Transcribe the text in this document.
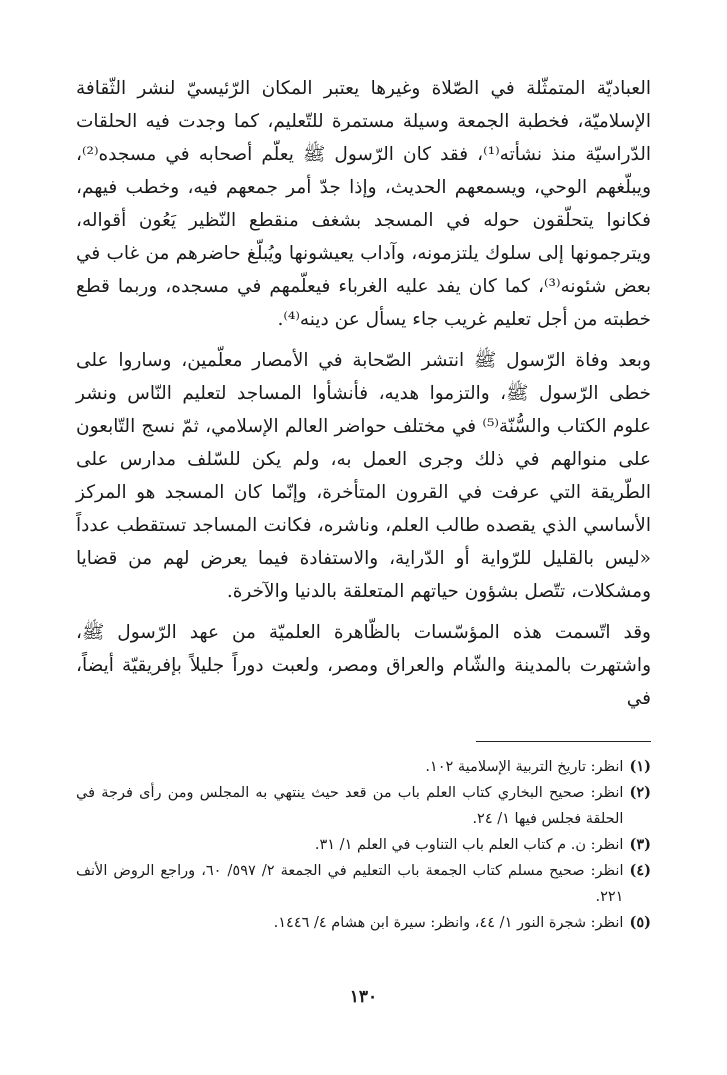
العباديّة المتمثّلة في الصّلاة وغيرها يعتبر المكان الرّئيسيّ لنشر الثّقافة الإسلاميّة، فخطبة الجمعة وسيلة مستمرة للتّعليم، كما وجدت فيه الحلقات الدّراسيّة منذ نشأته⁽¹⁾، فقد كان الرّسول ﷺ يعلّم أصحابه في مسجده⁽²⁾، ويبلّغهم الوحي، ويسمعهم الحديث، وإذا جدّ أمر جمعهم فيه، وخطب فيهم، فكانوا يتحلّقون حوله في المسجد بشغف منقطع النّظير يَعُون أقواله، ويترجمونها إلى سلوك يلتزمونه، وآداب يعيشونها ويُبلّغ حاضرهم من غاب في بعض شئونه⁽³⁾، كما كان يفد عليه الغرباء فيعلّمهم في مسجده، وربما قطع خطبته من أجل تعليم غريب جاء يسأل عن دينه⁽⁴⁾.

وبعد وفاة الرّسول ﷺ انتشر الصّحابة في الأمصار معلّمين، وساروا على خطى الرّسول ﷺ، والتزموا هديه، فأنشأوا المساجد لتعليم النّاس ونشر علوم الكتاب والسُّنّة⁽⁵⁾ في مختلف حواضر العالم الإسلامي، ثمّ نسج التّابعون على منوالهم في ذلك وجرى العمل به، ولم يكن للسّلف مدارس على الطّريقة التي عرفت في القرون المتأخرة، وإنّما كان المسجد هو المركز الأساسي الذي يقصده طالب العلم، وناشره، فكانت المساجد تستقطب عدداً «ليس بالقليل للرّواية أو الدّراية، والاستفادة فيما يعرض لهم من قضايا ومشكلات، تتّصل بشؤون حياتهم المتعلقة بالدنيا والآخرة.

وقد اتّسمت هذه المؤسّسات بالظّاهرة العلميّة من عهد الرّسول ﷺ، واشتهرت بالمدينة والشّام والعراق ومصر، ولعبت دوراً جليلاً بإفريقيّة أيضاً، في

(١)
انظر: تاريخ التربية الإسلامية ١٠٢.
(٢)
انظر: صحيح البخاري كتاب العلم باب من قعد حيث ينتهي به المجلس ومن رأى فرجة في الحلقة فجلس فيها ١/ ٢٤.
(٣)
انظر: ن. م كتاب العلم باب التناوب في العلم ١/ ٣١.
(٤)
انظر: صحيح مسلم كتاب الجمعة باب التعليم في الجمعة ٢/ ٥٩٧/ ٦٠، وراجع الروض الأنف ٢٢١.
(٥)
انظر: شجرة النور ١/ ٤٤، وانظر: سيرة ابن هشام ٤/ ١٤٤٦.
١٣٠
